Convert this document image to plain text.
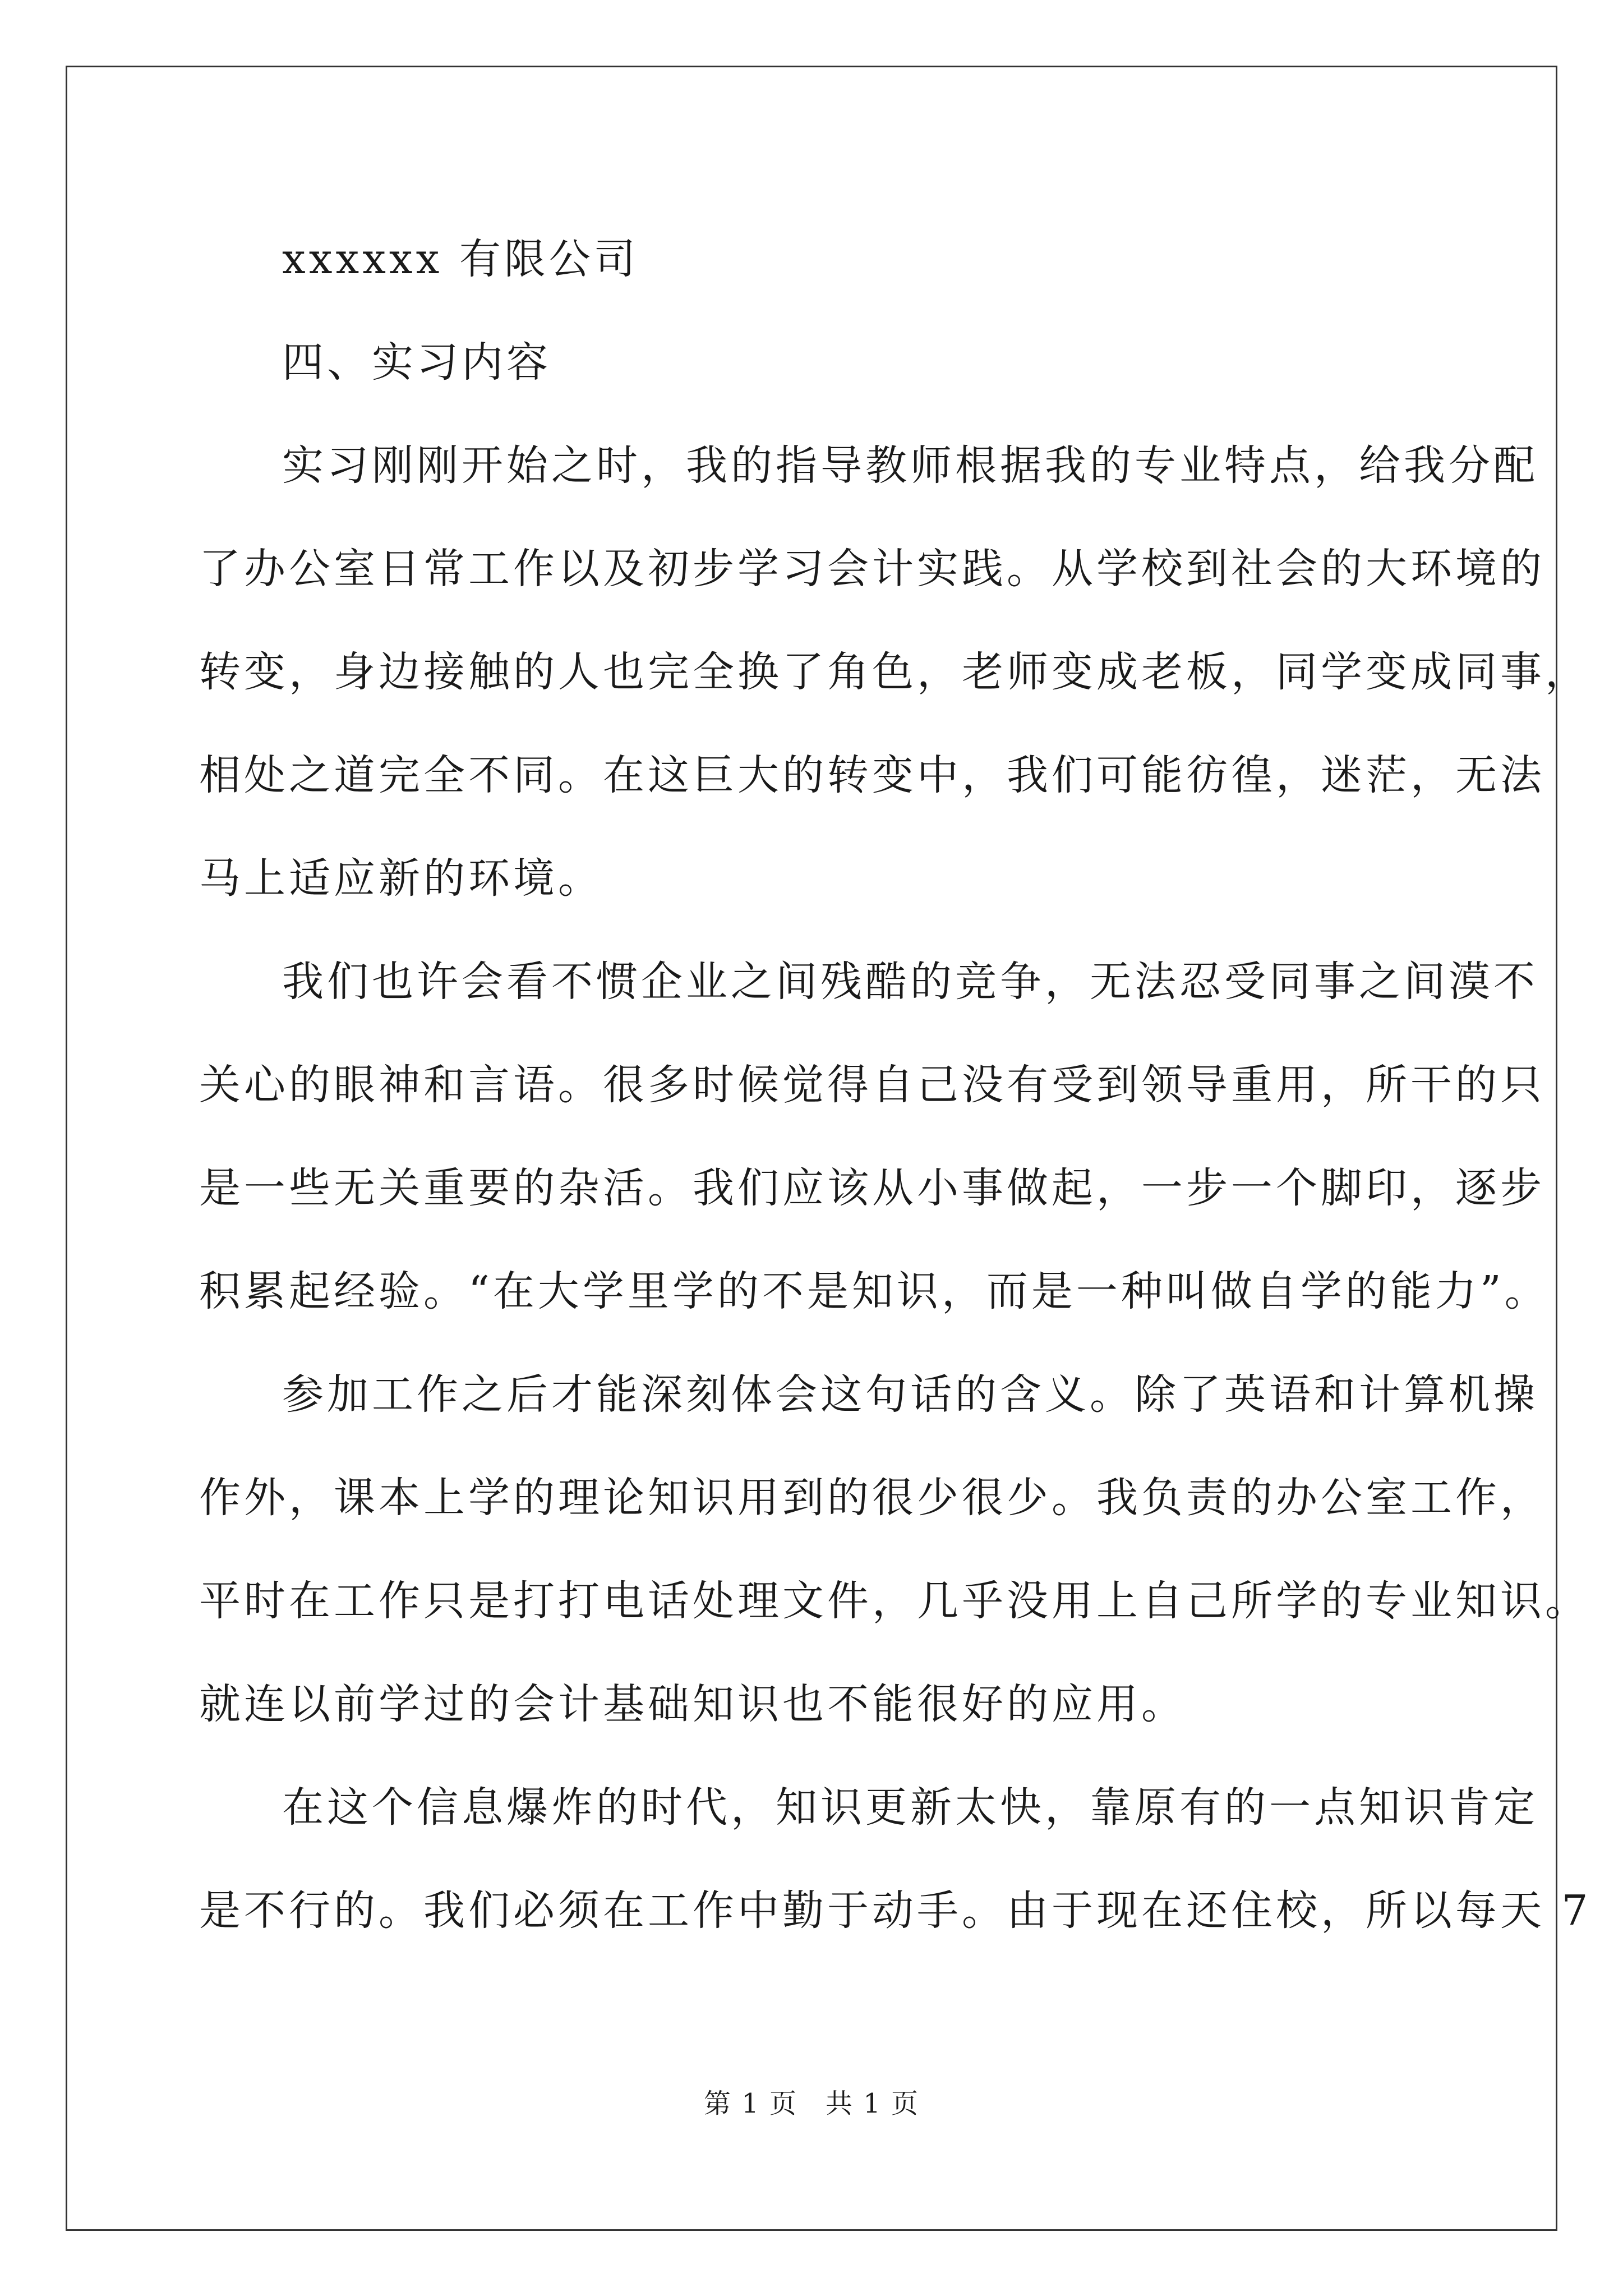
xxxxxx 有限公司

四、实习内容

实习刚刚开始之时，我的指导教师根据我的专业特点，给我分配

了办公室日常工作以及初步学习会计实践。从学校到社会的大环境的

转变，身边接触的人也完全换了角色，老师变成老板，同学变成同事，

相处之道完全不同。在这巨大的转变中，我们可能彷徨，迷茫，无法

马上适应新的环境。

我们也许会看不惯企业之间残酷的竞争，无法忍受同事之间漠不

关心的眼神和言语。很多时候觉得自己没有受到领导重用，所干的只

是一些无关重要的杂活。我们应该从小事做起，一步一个脚印，逐步

积累起经验。“在大学里学的不是知识，而是一种叫做自学的能力”。

参加工作之后才能深刻体会这句话的含义。除了英语和计算机操

作外，课本上学的理论知识用到的很少很少。我负责的办公室工作，

平时在工作只是打打电话处理文件，几乎没用上自己所学的专业知识。

就连以前学过的会计基础知识也不能很好的应用。

在这个信息爆炸的时代，知识更新太快，靠原有的一点知识肯定

是不行的。我们必须在工作中勤于动手。由于现在还住校，所以每天 7

第 1 页　共 1 页
